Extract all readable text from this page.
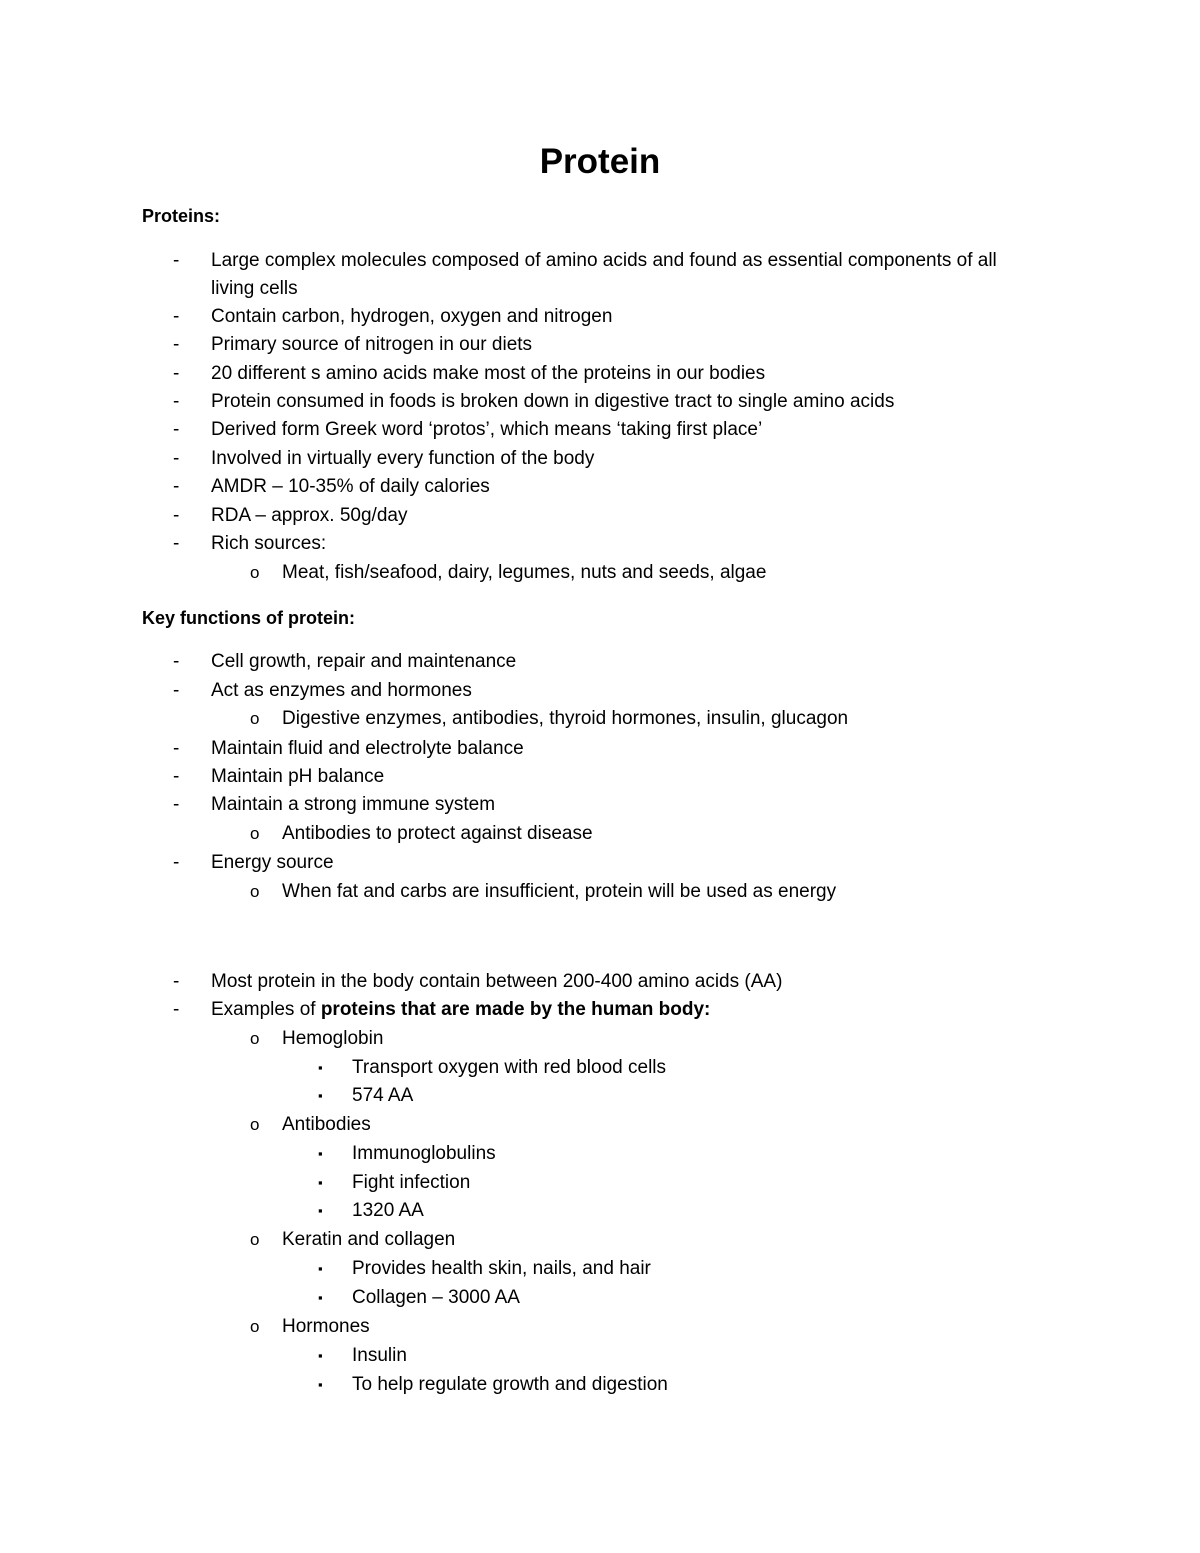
Protein
Proteins:
- Large complex molecules composed of amino acids and found as essential components of all
living cells
- Contain carbon, hydrogen, oxygen and nitrogen
- Primary source of nitrogen in our diets
- 20 different s amino acids make most of the proteins in our bodies
- Protein consumed in foods is broken down in digestive tract to single amino acids
- Derived form Greek word ‘protos’, which means ‘taking first place’
- Involved in virtually every function of the body
- AMDR – 10-35% of daily calories
- RDA – approx. 50g/day
- Rich sources:
o Meat, fish/seafood, dairy, legumes, nuts and seeds, algae
Key functions of protein:
- Cell growth, repair and maintenance
- Act as enzymes and hormones
o Digestive enzymes, antibodies, thyroid hormones, insulin, glucagon
- Maintain fluid and electrolyte balance
- Maintain pH balance
- Maintain a strong immune system
o Antibodies to protect against disease
- Energy source
o When fat and carbs are insufficient, protein will be used as energy
- Most protein in the body contain between 200-400 amino acids (AA)
- Examples of proteins that are made by the human body:
o Hemoglobin
▪ Transport oxygen with red blood cells
▪ 574 AA
o Antibodies
▪ Immunoglobulins
▪ Fight infection
▪ 1320 AA
o Keratin and collagen
▪ Provides health skin, nails, and hair
▪ Collagen – 3000 AA
o Hormones
▪ Insulin
▪ To help regulate growth and digestion
